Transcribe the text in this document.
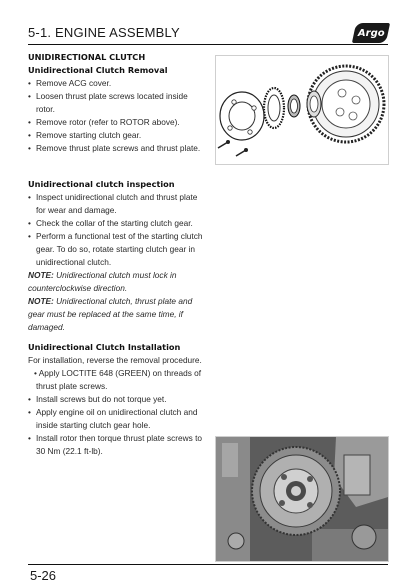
5-1. ENGINE ASSEMBLY	Argo

UNIDIRECTIONAL CLUTCH

Unidirectional Clutch Removal

• Remove ACG cover.
• Loosen thrust plate screws located inside
rotor.
• Remove rotor (refer to ROTOR above).
• Remove starting clutch gear.
• Remove thrust plate screws and thrust plate.

Unidirectional clutch inspection

• Inspect unidirectional clutch and thrust plate
for wear and damage.
• Check the collar of the starting clutch gear.
• Perform a functional test of the starting clutch
gear. To do so, rotate starting clutch gear in
unidirectional clutch.
NOTE: Unidirectional clutch must lock in
counterclockwise direction.
NOTE: Unidirectional clutch, thrust plate and
gear must be replaced at the same time, if
damaged.

Unidirectional Clutch Installation

For installation, reverse the removal procedure.
• Apply LOCTITE 648 (GREEN) on threads of
thrust plate screws.
• Install screws but do not torque yet.
• Apply engine oil on unidirectional clutch and
inside starting clutch gear hole.
• Install rotor then torque thrust plate screws to
30 Nm (22.1 ft-lb).
5-26
